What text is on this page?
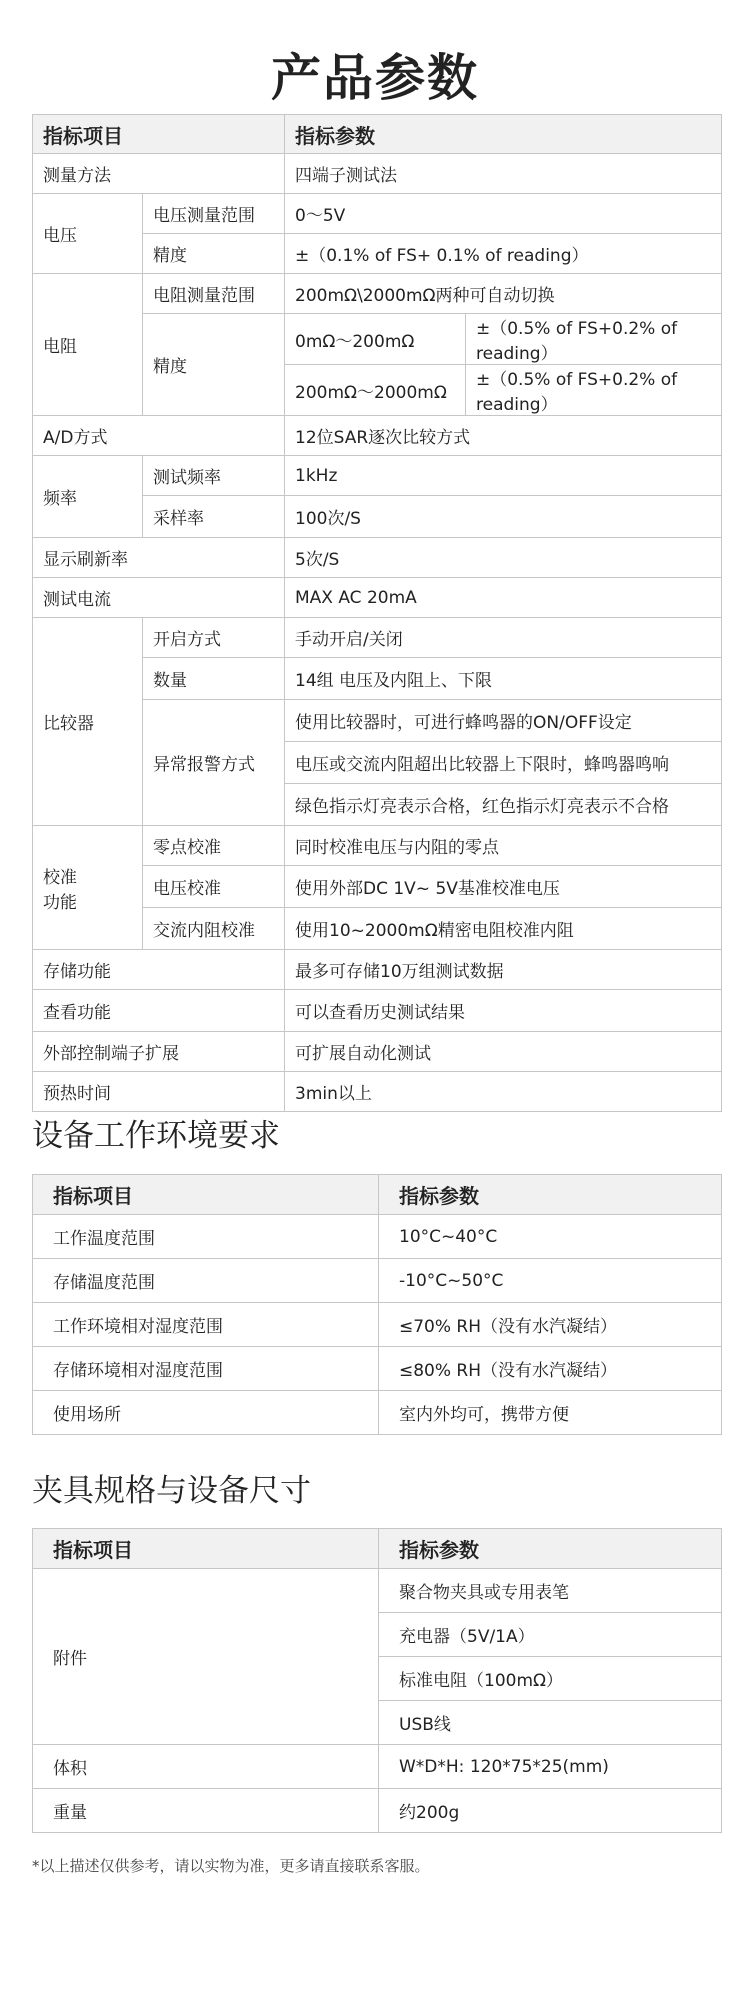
产品参数
指标项目		指标参数	
测量方法		四端子测试法	
电压	电压测量范围	0～5V	
	精度	±（0.1% of FS+ 0.1% of reading）	
电阻	电阻测量范围	200mΩ\2000mΩ两种可自动切换	
	精度	0mΩ～200mΩ	±（0.5% of FS+0.2% of reading）
		200mΩ～2000mΩ	±（0.5% of FS+0.2% of reading）
A/D方式		12位SAR逐次比较方式	
频率	测试频率	1kHz	
	采样率	100次/S	
显示刷新率		5次/S	
测试电流		MAX AC 20mA	
比较器	开启方式	手动开启/关闭	
	数量	14组 电压及内阻上、下限	
	异常报警方式	使用比较器时，可进行蜂鸣器的ON/OFF设定	
		电压或交流内阻超出比较器上下限时，蜂鸣器鸣响	
		绿色指示灯亮表示合格，红色指示灯亮表示不合格	
校准
功能	零点校准	同时校准电压与内阻的零点	
	电压校准	使用外部DC 1V~ 5V基准校准电压	
	交流内阻校准	使用10~2000mΩ精密电阻校准内阻	
存储功能		最多可存储10万组测试数据	
查看功能		可以查看历史测试结果	
外部控制端子扩展		可扩展自动化测试	
预热时间		3min以上	
设备工作环境要求
指标项目	指标参数
工作温度范围	10°C~40°C
存储温度范围	-10°C~50°C
工作环境相对湿度范围	≤70% RH（没有水汽凝结）
存储环境相对湿度范围	≤80% RH（没有水汽凝结）
使用场所	室内外均可，携带方便
夹具规格与设备尺寸
指标项目	指标参数
附件	聚合物夹具或专用表笔
	充电器（5V/1A）
	标准电阻（100mΩ）
	USB线
体积	W*D*H: 120*75*25(mm)
重量	约200g
*以上描述仅供参考，请以实物为准，更多请直接联系客服。
